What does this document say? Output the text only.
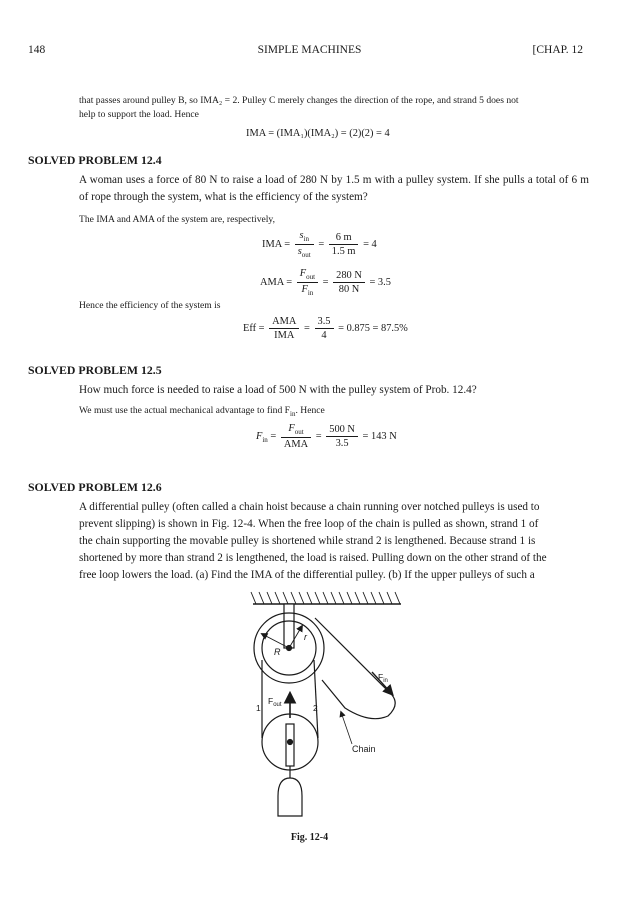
148	SIMPLE MACHINES	[CHAP. 12
that passes around pulley B, so IMA₂ = 2. Pulley C merely changes the direction of the rope, and strand 5 does not
help to support the load. Hence
IMA = (IMA₁)(IMA₂) = (2)(2) = 4
SOLVED PROBLEM 12.4
A woman uses a force of 80 N to raise a load of 280 N by 1.5 m with a pulley system. If she pulls a total of 6 m of rope through the system, what is the efficiency of the system?
The IMA and AMA of the system are, respectively,
IMA = $\frac{s_{in}}{s_{out}} = \frac{6 m}{1.5 m} = 4$
AMA = $\frac{F_{out}}{F_{in}} = \frac{280 N}{80 N} = 3.5$
Hence the efficiency of the system is
Eff = $\frac{\text{AMA}}{\text{IMA}} = \frac{3.5}{4} = 0.875 = 87.5\%$
SOLVED PROBLEM 12.5
How much force is needed to raise a load of 500 N with the pulley system of Prob. 12.4?
We must use the actual mechanical advantage to find $F_{in}$. Hence
$F_{in} = \frac{F_{out}}{\text{AMA}} = \frac{500 N}{3.5} = 143$ N
SOLVED PROBLEM 12.6
A differential pulley (often called a chain hoist because a chain running over notched pulleys is used to
prevent slipping) is shown in Fig. 12-4. When the free loop of the chain is pulled as shown, strand 1 of
the chain supporting the movable pulley is shortened while strand 2 is lengthened. Because strand 1 is
shortened by more than strand 2 is lengthened, the load is raised. Pulling down on the other strand of the
free loop lowers the load. (a) Find the IMA of the differential pulley. (b) If the upper pulleys of such a
R
r
$F_{in}$
$F_{out}$
1	2
Chain
Fig. 12-4
